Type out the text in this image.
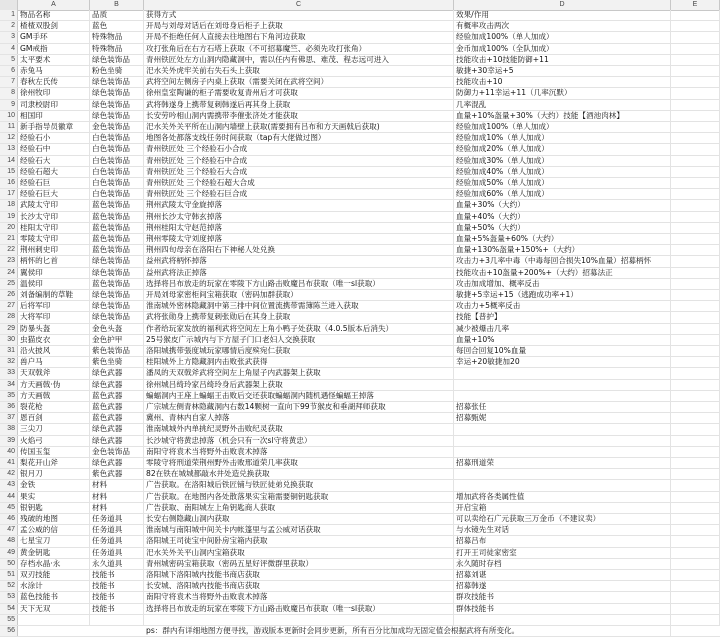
A	B	C	D	E
1 物品名称	品质	获得方式	效果/作用
2 楂楂双股剑	蓝色	开局与刘母对话后在刘母身后柜子上获取	有概率攻击两次
3 GM手环	特殊物品	开局不拒绝任何人直接去往地图右下角河边获取	经验加成100%（单人加成）
4 GM戒指	特殊物品	攻打张角后在右方石塔上获取（不可招募魔竺、必须先攻打张角）	金币加成100%（全队加成）
5 太平要术	绿色装饰品	青州铁匠处左方山洞内隐藏洞中，需以任内有佛思、难茂、程志远可进入	技能攻击+10技能防御+11
6 赤兔马	粉色坐骑	汜水关外虎牢关前右失石头上获取	敏捷+30幸运+5
7 春秋左氏传	绿色装饰品	武将空间左侧房子内桌上获取（需要关闭在武将空间）	技能攻击+10
8 徐州牧印	绿色装饰品	徐州皇室陶谦的柜子需要收复青州后才可获取	防御力+11幸运+11（几率沉默）
9 司隶校尉印	绿色装饰品	武将韩遂身上携带复刺韩遂后再其身上获取	几率混乱
10 相国印	绿色装饰品	长安劳吟相山洞内需携带李催张济处才能获取	血量+10%盔量+30%（大约）技能【酒池肉林】
11 新手指导员徽章	金色装饰品	汜水关外关平所在山洞内墙壁上获取(需要拥有吕布和方天画戟后获取)	经验加成100%（单人加成）
12 经验石小	白色装饰品	地图各处都落支线任务时间获取（tap有大佬做过图）	经验加成10%（单人加成）
13 经验石中	白色装饰品	青州铁匠处 三个经验石小合成	经验加成20%（单人加成）
14 经验石大	白色装饰品	青州铁匠处 三个经验石中合成	经验加成30%（单人加成）
15 经验石超大	白色装饰品	青州铁匠处 三个经验石大合成	经验加成40%（单人加成）
16 经验石巨	白色装饰品	青州铁匠处 三个经验石超大合成	经验加成50%（单人加成）
17 经验石巨大	白色装饰品	青州铁匠处 三个经验石巨合成	经验加成60%（单人加成）
18 武陵太守印	蓝色装饰品	荆州武陵太守金旋掉落	血量+30%（大约）
19 长沙太守印	蓝色装饰品	荆州长沙太守韩玄掉落	血量+40%（大约）
20 桂阳太守印	蓝色装饰品	荆州桂阳太守赵范掉落	血量+50%（大约）
21 零陵太守印	蓝色装饰品	荆州零陵太守刘度掉落	血量+5%盔量+60%（大约）
22 荆州刺史印	蓝色装饰品	荆州四旬母亲在洛阳右下神秘人处兑换	血量+130%盔量+150%+（大约）
23 柄怀的匕首	绿色装饰品	益州武将柄怀掉落	攻击力+3几率中毒（中毒每回合损失10%血量）招募柄怀
24 翼侯印	绿色装饰品	益州武将法正掉落	技能攻击+10盔量+200%+（大约）招募法正
25 温侯印	蓝色装饰品	选择将吕布放走的玩家在零陵下方山路击败魔吕布获取（唯一sl获取）	攻击加成增加、概率反击
26 刘备编制的草鞋	绿色装饰品	开局刘母家密柜间宝箱获取（密码加群获取）	敏捷+5幸运+15（逃跑成功率+1）
27 后将军印	绿色装饰品	淮南城外密林隐藏洞中第三排中间位置流携带需簿陈兰进入获取	攻击力+5概率反击
28 大将军印	绿色装饰品	武将张勋身上携带复刺张勋后在其身上获取	技能【普护】
29 防暴头盔	金色头盔	作者给玩家发放的福利武将空间左上角小鸭子处获取（4.0.5版本后消失）	减少被爆击几率
30 虫猫皮衣	金色护甲	25号猴皮广示城内与下方屋子门口老妇人交换获取	血量+10%
31 沿火披风	紫色装饰品	洛阳城携带張度城玩家哪情后度殡宛仁获取	每回合回复10%血量
32 兽户马	紫色坐骑	桂阳城外上方隐藏洞内击败张武获得	幸运+20敏捷加20
33 天双戟斧	绿色武器	潘凤的天双戟斧武将空间左上角屋子内武器架上获取
34 方天画戟·伪	绿色武器	徐州城吕绮玲家吕绮玲身后武器架上获取
35 方天画戟	蓝色武器	蝙蝠洞内王座上蝙蝠王击败后交还获取蝙蝠洞内随机遇怪蝙蝠王掉落
36 裂花枪	蓝色武器	广宗城左侧青林隐藏洞内右数14颗树一直向下99节猴皮和垂湖拜师获取	招募张任
37 恩百剑	蓝色武器	冀州、青林内自家人掉落	招募甄妮
38 三尖刀	绿色武器	淮南城城外内单挑纪灵野外击败纪灵获取
39 火焰弓	绿色武器	长沙城守将黄忠掉落（机会只有一次sl守将黄忠）
40 传国玉玺	金色装饰品	南阳守将袁术当将野外击败袁术掉落
41 梨花开山斧	绿色武器	零陵守将刑道荣荆州野外击败邢道荣几率获取	招募刑道荣
42 银月刀	紫色武器	82在铁在城城都敲水井处造兑换获取
43 金铁	材料	广告获取。在洛阳城后铁匠铺与铁匠徒弟兑换获取
44 果实	材料	广告获取。在地图内各处散落果实宝箱需要铜钥匙获取	增加武将各类属性值
45 银钥匙	材料	广告获取、南阳城左上角钥匙商人获取	开启宝箱
46 残破的地图	任务道具	长安右侧隐藏山洞内获取	可以卖给石广元获取三万金币（不建议卖）
47 孟公威的信	任务道具	淮南城与南阳城中间关卡内帐篷里与孟公威对话获取	与水镜先生对话
48 七星宝刀	任务道具	洛阳城王司徒宝中间卧房宝箱内获取	招募吕布
49 黄金钥匙	任务道具	汜水关外关平山洞内宝箱获取	打开王司徒家密室
50 存档水晶·永	永久道具	青州城密码宝箱获取（密码五星好评微群里获取）	永久随时存档
51 双刃技能	技能书	洛阳城下洛阳城内技能书商店获取	招募刘谌
52 水涂计	技能书	长安城、洛阳城内技能书商店获取	招募韩遂
53 蓝色技能书	技能书	南阳守将袁术当将野外击败袁术掉落	群攻技能书
54 天下无双	技能书	选择将吕布放走的玩家在零陵下方山路击败魔吕布获取（唯一sl获取）	群体技能书
55
56	ps：群内有详细地图方便寻找，游戏版本更新时会同步更新，所有百分比加成均无固定值会根据武将有所变化。
